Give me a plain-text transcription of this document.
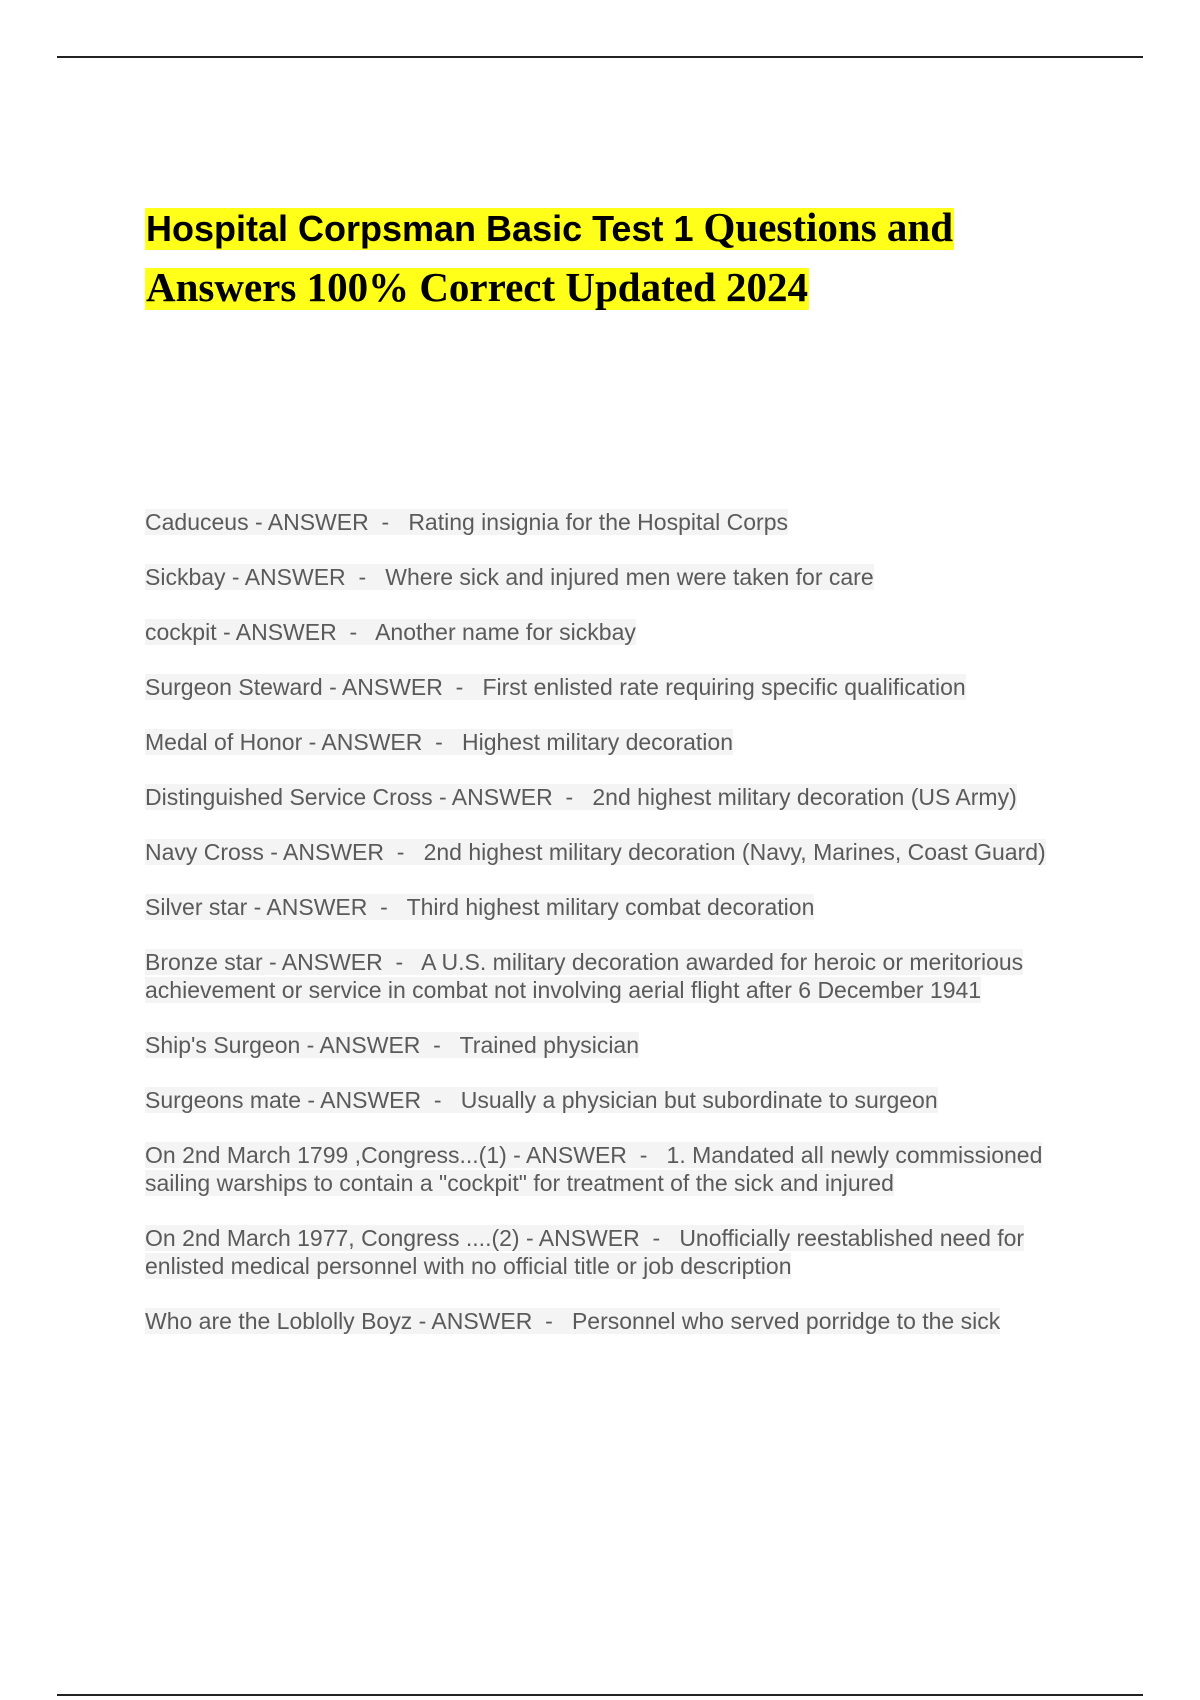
Hospital Corpsman Basic Test 1 Questions and Answers 100% Correct Updated 2024
Caduceus - ANSWER  -   Rating insignia for the Hospital Corps
Sickbay - ANSWER  -   Where sick and injured men were taken for care
cockpit - ANSWER  -   Another name for sickbay
Surgeon Steward - ANSWER  -   First enlisted rate requiring specific qualification
Medal of Honor - ANSWER  -   Highest military decoration
Distinguished Service Cross - ANSWER  -   2nd highest military decoration (US Army)
Navy Cross - ANSWER  -   2nd highest military decoration (Navy, Marines, Coast Guard)
Silver star - ANSWER  -   Third highest military combat decoration
Bronze star - ANSWER  -   A U.S. military decoration awarded for heroic or meritorious achievement or service in combat not involving aerial flight after 6 December 1941
Ship's Surgeon - ANSWER  -   Trained physician
Surgeons mate - ANSWER  -   Usually a physician but subordinate to surgeon
On 2nd March 1799 ,Congress...(1) - ANSWER  -   1. Mandated all newly commissioned sailing warships to contain a "cockpit" for treatment of the sick and injured
On 2nd March 1977, Congress ....(2) - ANSWER  -   Unofficially reestablished need for enlisted medical personnel with no official title or job description
Who are the Loblolly Boyz - ANSWER  -   Personnel who served porridge to the sick
